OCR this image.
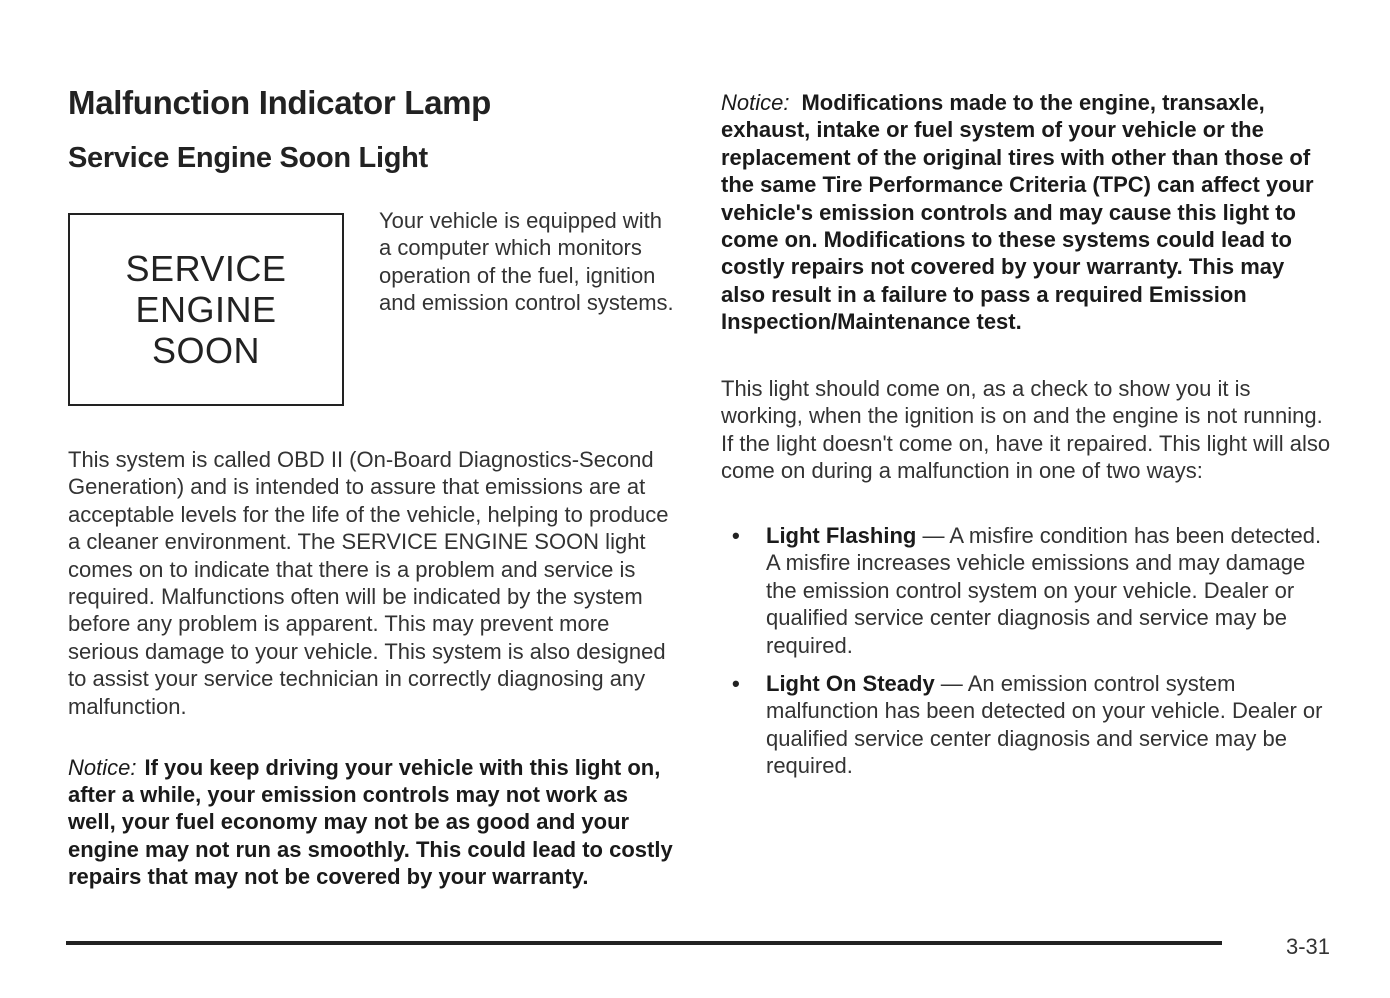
Malfunction Indicator Lamp
Service Engine Soon Light
SERVICE
ENGINE
SOON

Your vehicle is equipped with a computer which monitors operation of the fuel, ignition and emission control systems.

This system is called OBD II (On-Board Diagnostics-Second Generation) and is intended to assure that emissions are at acceptable levels for the life of the vehicle, helping to produce a cleaner environment. The SERVICE ENGINE SOON light comes on to indicate that there is a problem and service is required. Malfunctions often will be indicated by the system before any problem is apparent. This may prevent more serious damage to your vehicle. This system is also designed to assist your service technician in correctly diagnosing any malfunction.

Notice: If you keep driving your vehicle with this light on, after a while, your emission controls may not work as well, your fuel economy may not be as good and your engine may not run as smoothly. This could lead to costly repairs that may not be covered by your warranty.

Notice: Modifications made to the engine, transaxle, exhaust, intake or fuel system of your vehicle or the replacement of the original tires with other than those of the same Tire Performance Criteria (TPC) can affect your vehicle's emission controls and may cause this light to come on. Modifications to these systems could lead to costly repairs not covered by your warranty. This may also result in a failure to pass a required Emission Inspection/Maintenance test.

This light should come on, as a check to show you it is working, when the ignition is on and the engine is not running. If the light doesn't come on, have it repaired. This light will also come on during a malfunction in one of two ways:

• Light Flashing — A misfire condition has been detected. A misfire increases vehicle emissions and may damage the emission control system on your vehicle. Dealer or qualified service center diagnosis and service may be required.
• Light On Steady — An emission control system malfunction has been detected on your vehicle. Dealer or qualified service center diagnosis and service may be required.
3-31
